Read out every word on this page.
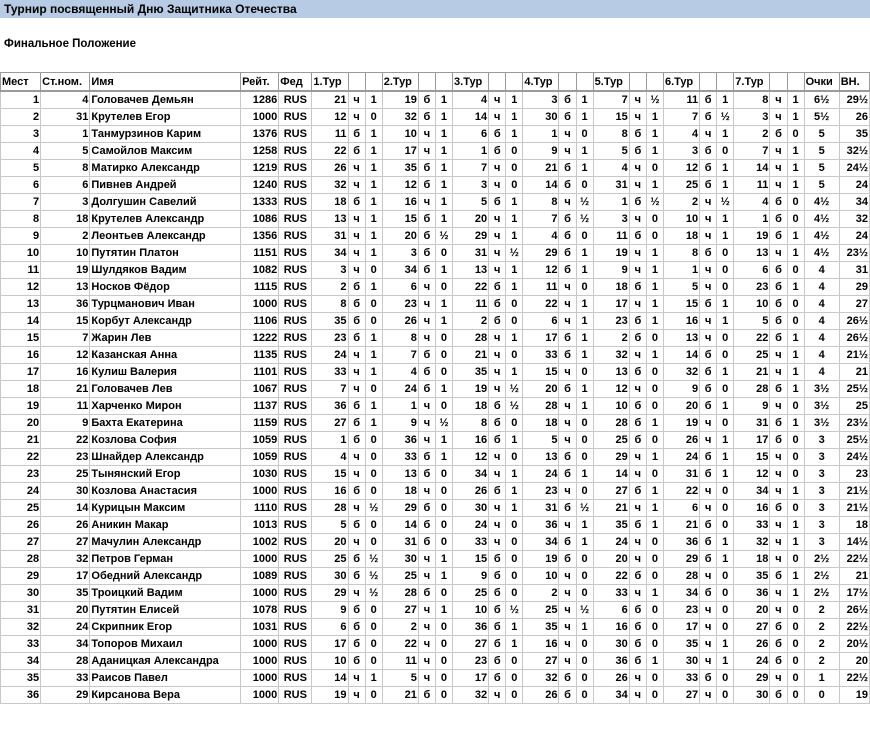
Турнир посвященный Дню Защитника Отечества
Финальное Положение
Мест	Ст.ном.	Имя	Рейт.	Фед	1.Тур			2.Тур			3.Тур			4.Тур			5.Тур			6.Тур			7.Тур			Очки	ВН.
1	4	Головачев Демьян	1286	RUS	21	ч	1	19	б	1	4	ч	1	3	б	1	7	ч	½	11	б	1	8	ч	1	6½	29½
2	31	Крутелев Егор	1000	RUS	12	ч	0	32	б	1	14	ч	1	30	б	1	15	ч	1	7	б	½	3	ч	1	5½	26
3	1	Танмурзинов Карим	1376	RUS	11	б	1	10	ч	1	6	б	1	1	ч	0	8	б	1	4	ч	1	2	б	0	5	35
4	5	Самойлов Максим	1258	RUS	22	б	1	17	ч	1	1	б	0	9	ч	1	5	б	1	3	б	0	7	ч	1	5	32½
5	8	Матирко Александр	1219	RUS	26	ч	1	35	б	1	7	ч	0	21	б	1	4	ч	0	12	б	1	14	ч	1	5	24½
6	6	Пивнев Андрей	1240	RUS	32	ч	1	12	б	1	3	ч	0	14	б	0	31	ч	1	25	б	1	11	ч	1	5	24
7	3	Долгушин Савелий	1333	RUS	18	б	1	16	ч	1	5	б	1	8	ч	½	1	б	½	2	ч	½	4	б	0	4½	34
8	18	Крутелев Александр	1086	RUS	13	ч	1	15	б	1	20	ч	1	7	б	½	3	ч	0	10	ч	1	1	б	0	4½	32
9	2	Леонтьев Александр	1356	RUS	31	ч	1	20	б	½	29	ч	1	4	б	0	11	б	0	18	ч	1	19	б	1	4½	24
10	10	Путятин Платон	1151	RUS	34	ч	1	3	б	0	31	ч	½	29	б	1	19	ч	1	8	б	0	13	ч	1	4½	23½
11	19	Шулдяков Вадим	1082	RUS	3	ч	0	34	б	1	13	ч	1	12	б	1	9	ч	1	1	ч	0	6	б	0	4	31
12	13	Носков Фёдор	1115	RUS	2	б	1	6	ч	0	22	б	1	11	ч	0	18	б	1	5	ч	0	23	б	1	4	29
13	36	Турцманович Иван	1000	RUS	8	б	0	23	ч	1	11	б	0	22	ч	1	17	ч	1	15	б	1	10	б	0	4	27
14	15	Корбут Александр	1106	RUS	35	б	0	26	ч	1	2	б	0	6	ч	1	23	б	1	16	ч	1	5	б	0	4	26½
15	7	Жарин Лев	1222	RUS	23	б	1	8	ч	0	28	ч	1	17	б	1	2	б	0	13	ч	0	22	б	1	4	26½
16	12	Казанская Анна	1135	RUS	24	ч	1	7	б	0	21	ч	0	33	б	1	32	ч	1	14	б	0	25	ч	1	4	21½
17	16	Кулиш Валерия	1101	RUS	33	ч	1	4	б	0	35	ч	1	15	ч	0	13	б	0	32	б	1	21	ч	1	4	21
18	21	Головачев Лев	1067	RUS	7	ч	0	24	б	1	19	ч	½	20	б	1	12	ч	0	9	б	0	28	б	1	3½	25½
19	11	Харченко Мирон	1137	RUS	36	б	1	1	ч	0	18	б	½	28	ч	1	10	б	0	20	б	1	9	ч	0	3½	25
20	9	Бахта Екатерина	1159	RUS	27	б	1	9	ч	½	8	б	0	18	ч	0	28	б	1	19	ч	0	31	б	1	3½	23½
21	22	Козлова София	1059	RUS	1	б	0	36	ч	1	16	б	1	5	ч	0	25	б	0	26	ч	1	17	б	0	3	25½
22	23	Шнайдер Александр	1059	RUS	4	ч	0	33	б	1	12	ч	0	13	б	0	29	ч	1	24	б	1	15	ч	0	3	24½
23	25	Тынянский Егор	1030	RUS	15	ч	0	13	б	0	34	ч	1	24	б	1	14	ч	0	31	б	1	12	ч	0	3	23
24	30	Козлова Анастасия	1000	RUS	16	б	0	18	ч	0	26	б	1	23	ч	0	27	б	1	22	ч	0	34	ч	1	3	21½
25	14	Курицын Максим	1110	RUS	28	ч	½	29	б	0	30	ч	1	31	б	½	21	ч	1	6	ч	0	16	б	0	3	21½
26	26	Аникин Макар	1013	RUS	5	б	0	14	б	0	24	ч	0	36	ч	1	35	б	1	21	б	0	33	ч	1	3	18
27	27	Мачулин Александр	1002	RUS	20	ч	0	31	б	0	33	ч	0	34	б	1	24	ч	0	36	б	1	32	ч	1	3	14½
28	32	Петров Герман	1000	RUS	25	б	½	30	ч	1	15	б	0	19	б	0	20	ч	0	29	б	1	18	ч	0	2½	22½
29	17	Обедний Александр	1089	RUS	30	б	½	25	ч	1	9	б	0	10	ч	0	22	б	0	28	ч	0	35	б	1	2½	21
30	35	Троицкий Вадим	1000	RUS	29	ч	½	28	б	0	25	б	0	2	ч	0	33	ч	1	34	б	0	36	ч	1	2½	17½
31	20	Путятин Елисей	1078	RUS	9	б	0	27	ч	1	10	б	½	25	ч	½	6	б	0	23	ч	0	20	ч	0	2	26½
32	24	Скрипник Егор	1031	RUS	6	б	0	2	ч	0	36	б	1	35	ч	1	16	б	0	17	ч	0	27	б	0	2	22½
33	34	Топоров Михаил	1000	RUS	17	б	0	22	ч	0	27	б	1	16	ч	0	30	б	0	35	ч	1	26	б	0	2	20½
34	28	Аданицкая Александра	1000	RUS	10	б	0	11	ч	0	23	б	0	27	ч	0	36	б	1	30	ч	1	24	б	0	2	20
35	33	Раисов Павел	1000	RUS	14	ч	1	5	ч	0	17	б	0	32	б	0	26	ч	0	33	б	0	29	ч	0	1	22½
36	29	Кирсанова Вера	1000	RUS	19	ч	0	21	б	0	32	ч	0	26	б	0	34	ч	0	27	ч	0	30	б	0	0	19
